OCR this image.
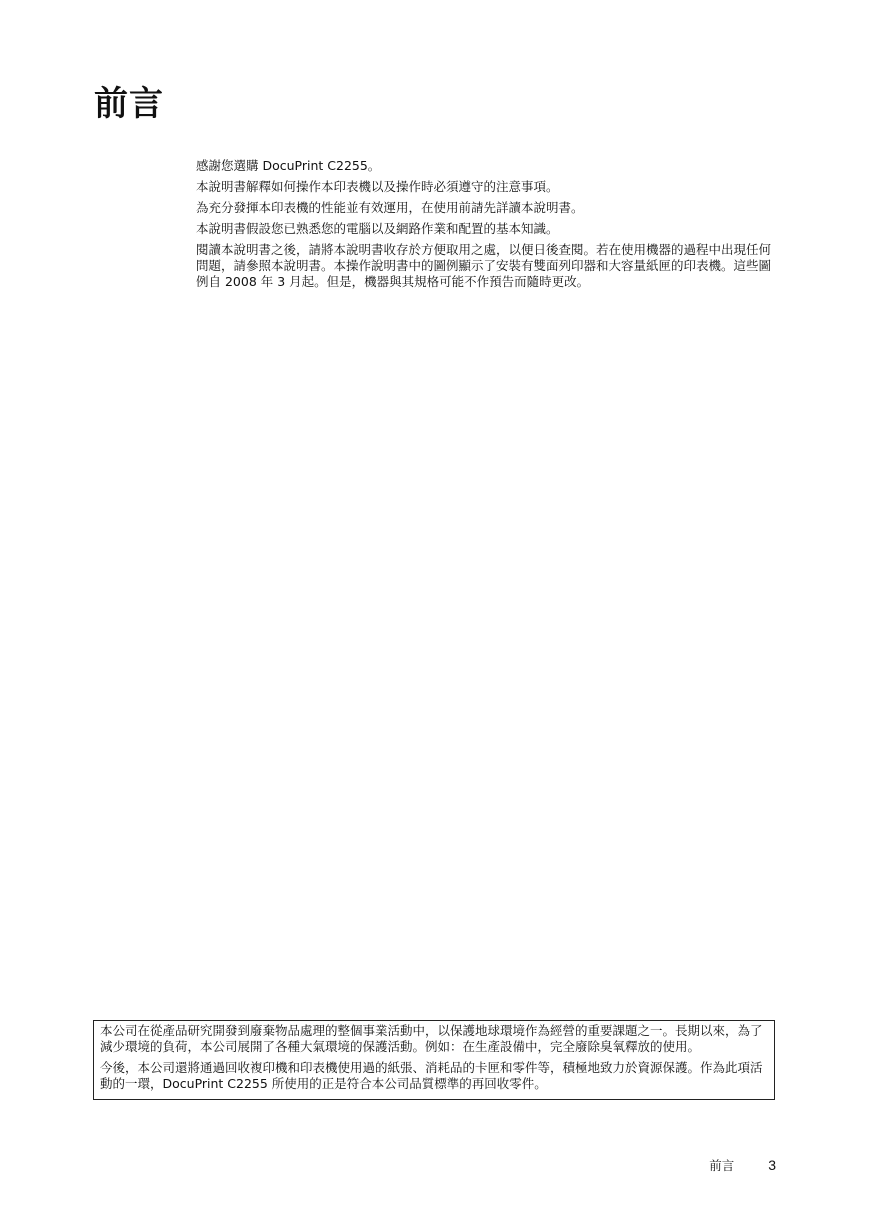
前言

感謝您選購 DocuPrint C2255。

本說明書解釋如何操作本印表機以及操作時必須遵守的注意事項。

為充分發揮本印表機的性能並有效運用，在使用前請先詳讀本說明書。

本說明書假設您已熟悉您的電腦以及網路作業和配置的基本知識。

閱讀本說明書之後，請將本說明書收存於方便取用之處，以便日後查閱。若在使用機器的過程中出現任何問題，請參照本說明書。本操作說明書中的圖例顯示了安裝有雙面列印器和大容量紙匣的印表機。這些圖例自 2008 年 3 月起。但是，機器與其規格可能不作預告而隨時更改。

本公司在從產品研究開發到廢棄物品處理的整個事業活動中，以保護地球環境作為經營的重要課題之一。長期以來，為了減少環境的負荷，本公司展開了各種大氣環境的保護活動。例如：在生產設備中，完全廢除臭氧釋放的使用。

今後，本公司還將通過回收複印機和印表機使用過的紙張、消耗品的卡匣和零件等，積極地致力於資源保護。作為此項活動的一環，DocuPrint C2255 所使用的正是符合本公司品質標準的再回收零件。

前言 3
